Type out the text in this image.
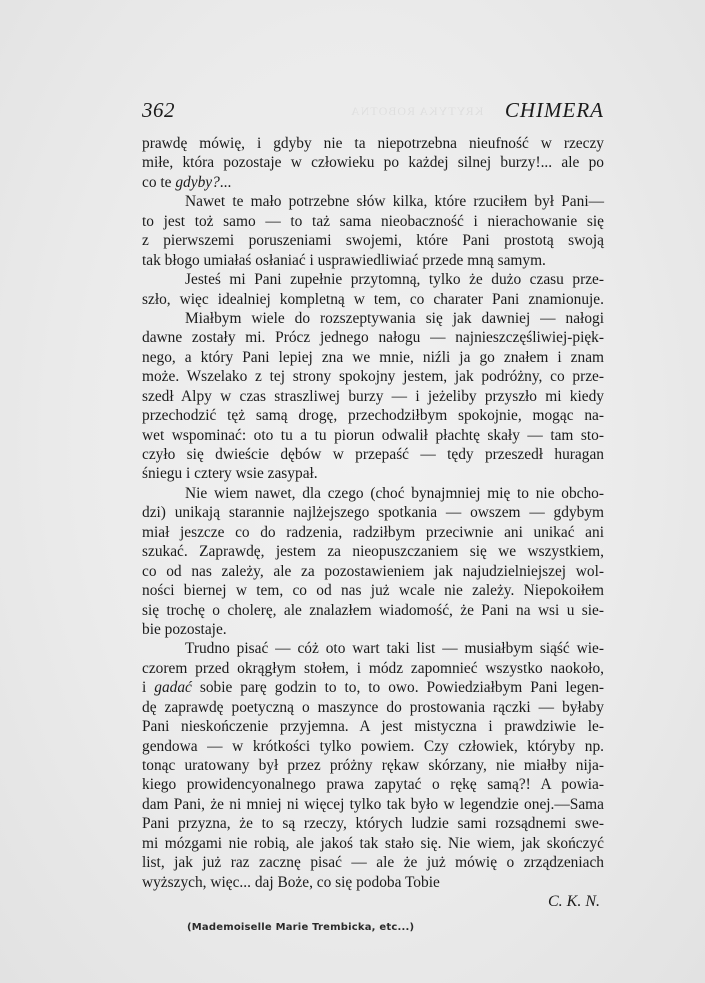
KRYTYKA ROBOTNA
362	CHIMERA
prawdę mówię, i gdyby nie ta niepotrzebna nieufność w rzeczy
miłe, która pozostaje w człowieku po każdej silnej burzy!... ale po
co te gdyby?...
Nawet te mało potrzebne słów kilka, które rzuciłem był Pani—
to jest toż samo — to taż sama nieobaczność i nierachowanie się
z pierwszemi poruszeniami swojemi, które Pani prostotą swoją
tak błogo umiałaś osłaniać i usprawiedliwiać przede mną samym.
Jesteś mi Pani zupełnie przytomną, tylko że dużo czasu prze-
szło, więc idealniej kompletną w tem, co charater Pani znamionuje.
Miałbym wiele do rozszeptywania się jak dawniej — nałogi
dawne zostały mi. Prócz jednego nałogu — najnieszczęśliwiej-pięk-
nego, a który Pani lepiej zna we mnie, niźli ja go znałem i znam
może. Wszelako z tej strony spokojny jestem, jak podróżny, co prze-
szedł Alpy w czas straszliwej burzy — i jeżeliby przyszło mi kiedy
przechodzić tęż samą drogę, przechodziłbym spokojnie, mogąc na-
wet wspominać: oto tu a tu piorun odwalił płachtę skały — tam sto-
czyło się dwieście dębów w przepaść — tędy przeszedł huragan
śniegu i cztery wsie zasypał.
Nie wiem nawet, dla czego (choć bynajmniej mię to nie obcho-
dzi) unikają starannie najlżejszego spotkania — owszem — gdybym
miał jeszcze co do radzenia, radziłbym przeciwnie ani unikać ani
szukać. Zaprawdę, jestem za nieopuszczaniem się we wszystkiem,
co od nas zależy, ale za pozostawieniem jak najudzielniejszej wol-
ności biernej w tem, co od nas już wcale nie zależy. Niepokoiłem
się trochę o cholerę, ale znalazłem wiadomość, że Pani na wsi u sie-
bie pozostaje.
Trudno pisać — cóż oto wart taki list — musiałbym siąść wie-
czorem przed okrągłym stołem, i módz zapomnieć wszystko naokoło,
i gadać sobie parę godzin to to, to owo. Powiedziałbym Pani legen-
dę zaprawdę poetyczną o maszynce do prostowania rączki — byłaby
Pani nieskończenie przyjemna. A jest mistyczna i prawdziwie le-
gendowa — w krótkości tylko powiem. Czy człowiek, któryby np.
tonąc uratowany był przez próżny rękaw skórzany, nie miałby nija-
kiego prowidencyonalnego prawa zapytać o rękę samą?! A powia-
dam Pani, że ni mniej ni więcej tylko tak było w legendzie onej.—Sama
Pani przyzna, że to są rzeczy, których ludzie sami rozsądnemi swe-
mi mózgami nie robią, ale jakoś tak stało się. Nie wiem, jak skończyć
list, jak już raz zacznę pisać — ale że już mówię o zrządzeniach
wyższych, więc... daj Boże, co się podoba Tobie
C. K. N.
(Mademoiselle Marie Trembicka, etc...)
